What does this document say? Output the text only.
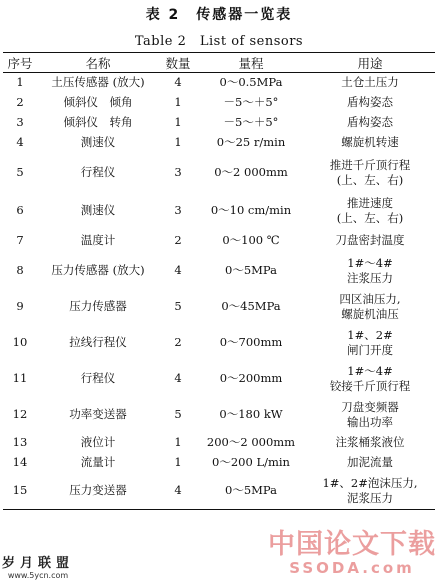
表 2　传感器一览表
Table 2　List of sensors
序号	名称	数量	量程	用途
1	土压传感器 (放大)	4	0～0.5MPa	土仓土压力

2	倾斜仪　倾角	1	－5～＋5°	盾构姿态

3	倾斜仪　转角	1	－5～＋5°	盾构姿态

4	测速仪	1	0～25 r/min	螺旋机转速

5	行程仪	3	0～2 000mm	推进千斤顶行程
(上、左、右)

6	测速仪	3	0～10 cm/min	推进速度
(上、左、右)

7	温度计	2	0～100 ℃	刀盘密封温度

8	压力传感器 (放大)	4	0～5MPa	1#～4#
注浆压力

9	压力传感器	5	0～45MPa	四区油压力,
螺旋机油压

10	拉线行程仪	2	0～700mm	1#、2#
闸门开度

11	行程仪	4	0～200mm	1#～4#
铰接千斤顶行程

12	功率变送器	5	0～180 kW	刀盘变频器
输出功率

13	液位计	1	200～2 000mm	注浆桶浆液位

14	流量计	1	0～200 L/min	加泥流量

15	压力变送器	4	0～5MPa	1#、2#泡沫压力,
泥浆压力
中国论文下载
SSODA.com
岁月联盟
www.5ycn.com
